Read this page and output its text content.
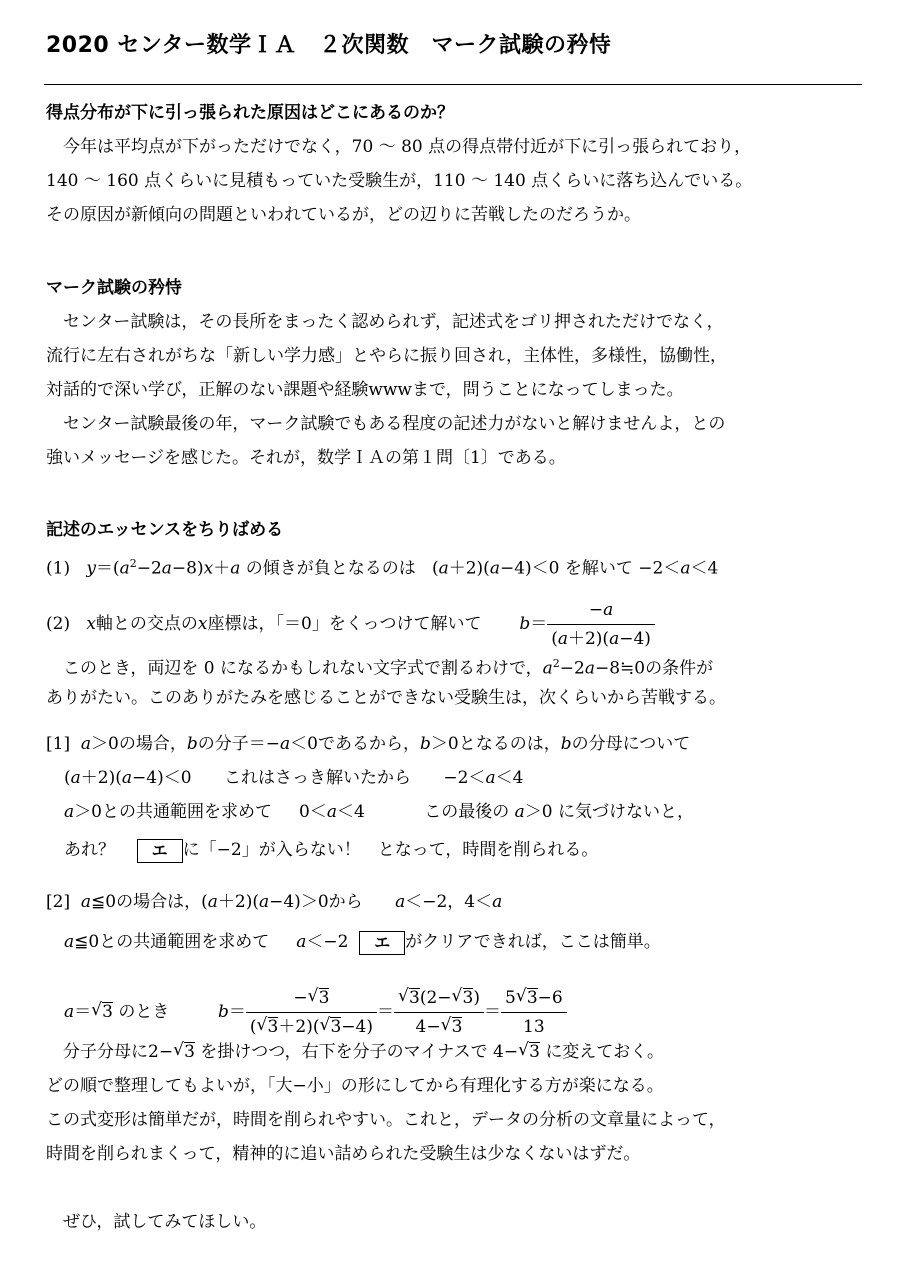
2020 センター数学ＩＡ　２次関数　マーク試験の矜恃
得点分布が下に引っ張られた原因はどこにあるのか？
　今年は平均点が下がっただけでなく，70 ～ 80 点の得点帯付近が下に引っ張られており，
140 ～ 160 点くらいに見積もっていた受験生が，110 ～ 140 点くらいに落ち込んでいる。
その原因が新傾向の問題といわれているが，どの辺りに苦戦したのだろうか。
マーク試験の矜恃
　センター試験は，その長所をまったく認められず，記述式をゴリ押されただけでなく，
流行に左右されがちな「新しい学力感」とやらに振り回され，主体性，多様性，協働性，
対話的で深い学び，正解のない課題や経験wwwまで，問うことになってしまった。
　センター試験最後の年，マーク試験でもある程度の記述力がないと解けませんよ，との
強いメッセージを感じた。それが，数学ＩＡの第１問〔1〕である。
記述のエッセンスをちりばめる
(1) $y=(a^2-2a-8)x+a$ の傾きが負となるのは   (a＋2)(a−4)＜0 を解いて −2＜a＜4
(2) x軸との交点のx座標は，「＝0」をくっつけて解いて $b= \frac{-a}{(a+2)(a-4)}$
　このとき，両辺を 0 になるかもしれない文字式で割るわけで，$a^2-2a-8≒0$の条件が
ありがたい。このありがたみを感じることができない受験生は，次くらいから苦戦する。
[1] a＞0の場合，bの分子＝−a＜0であるから，b＞0となるのは，bの分母について
(a＋2)(a−4)＜0      これはさっき解いたから      −2＜a＜4
a＞0との共通範囲を求めて     0＜a＜4           この最後の a＞0 に気づけないと，
あれ？ エ に「−2」が入らない！　となって，時間を削られる。
[2] a≦0の場合は，(a＋2)(a−4)＞0から a＜−2，4＜a
a≦0との共通範囲を求めて a＜−2  エ がクリアできれば，ここは簡単。
a＝ √ 3 のとき	$b= \frac{- √ 3}{( √ 3+2)( √ 3-4)} = \frac{√ 3(2- √ 3)}{4- √ 3} = \frac{5 √ 3-6}{13}$
　分子分母に2− √ 3 を掛けつつ，右下を分子のマイナスで 4− √ 3 に変えておく。
どの順で整理してもよいが，「大−小」の形にしてから有理化する方が楽になる。
この式変形は簡単だが，時間を削られやすい。これと，データの分析の文章量によって，
時間を削られまくって，精神的に追い詰められた受験生は少なくないはずだ。
　ぜひ，試してみてほしい。
